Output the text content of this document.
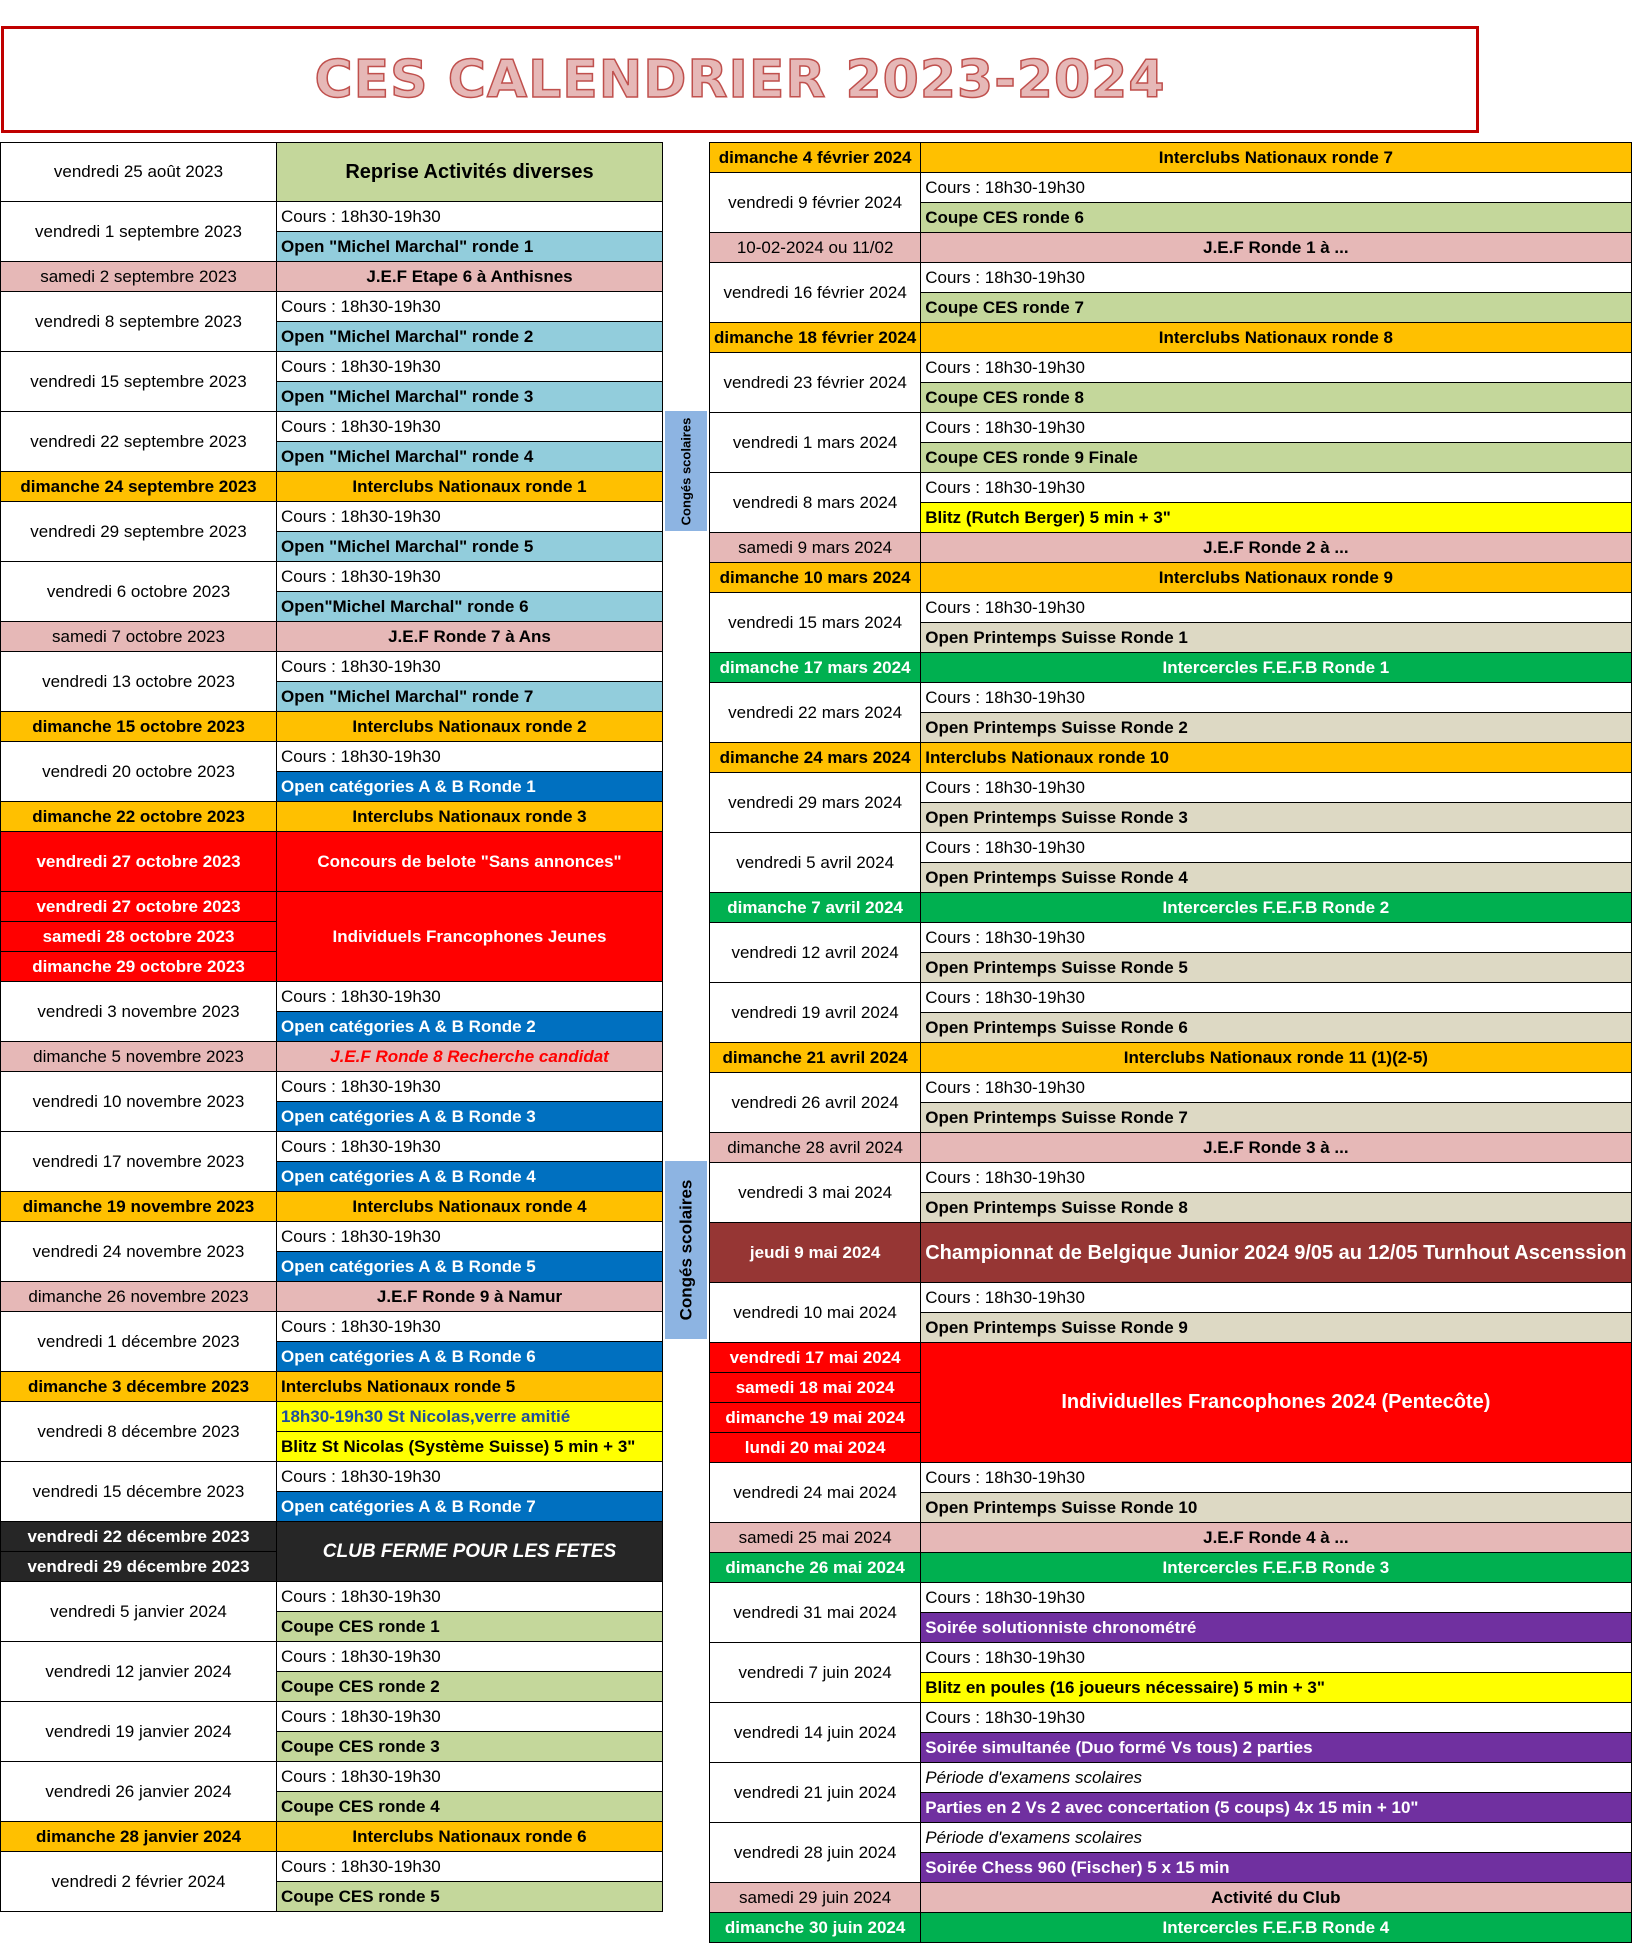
CES CALENDRIER 2023-2024
vendredi 25 août 2023	Reprise Activités diverses
vendredi 1 septembre 2023	Cours : 18h30-19h30
	Open "Michel Marchal" ronde 1
samedi 2 septembre 2023	J.E.F Etape 6 à Anthisnes
vendredi 8 septembre 2023	Cours : 18h30-19h30
	Open "Michel Marchal" ronde 2
vendredi 15 septembre 2023	Cours : 18h30-19h30
	Open "Michel Marchal" ronde 3
vendredi 22 septembre 2023	Cours : 18h30-19h30
	Open "Michel Marchal" ronde 4
dimanche 24 septembre 2023	Interclubs Nationaux ronde 1
vendredi 29 septembre 2023	Cours : 18h30-19h30
	Open "Michel Marchal" ronde 5
vendredi 6 octobre 2023	Cours : 18h30-19h30
	Open"Michel Marchal" ronde 6
samedi 7 octobre 2023	J.E.F Ronde 7 à Ans
vendredi 13 octobre 2023	Cours : 18h30-19h30
	Open "Michel Marchal" ronde 7
dimanche 15 octobre 2023	Interclubs Nationaux ronde 2
vendredi 20 octobre 2023	Cours : 18h30-19h30
	Open catégories A & B Ronde 1
dimanche 22 octobre 2023	Interclubs Nationaux ronde 3
vendredi 27 octobre 2023	Concours de belote "Sans annonces"
vendredi 27 octobre 2023	Individuels Francophones Jeunes
samedi 28 octobre 2023	
dimanche 29 octobre 2023	
vendredi 3 novembre 2023	Cours : 18h30-19h30
	Open catégories A & B Ronde 2
dimanche 5 novembre 2023	J.E.F Ronde 8 Recherche candidat
vendredi 10 novembre 2023	Cours : 18h30-19h30
	Open catégories A & B Ronde 3
vendredi 17 novembre 2023	Cours : 18h30-19h30
	Open catégories A & B Ronde 4
dimanche 19 novembre 2023	Interclubs Nationaux ronde 4
vendredi 24 novembre 2023	Cours : 18h30-19h30
	Open catégories A & B Ronde 5
dimanche 26 novembre 2023	J.E.F Ronde 9 à Namur
vendredi 1 décembre 2023	Cours : 18h30-19h30
	Open catégories A & B Ronde 6
dimanche 3 décembre 2023	Interclubs Nationaux ronde 5
vendredi 8 décembre 2023	18h30-19h30 St Nicolas,verre amitié
	Blitz St Nicolas (Système Suisse) 5 min + 3"
vendredi 15 décembre 2023	Cours : 18h30-19h30
	Open catégories A & B Ronde 7
vendredi 22 décembre 2023	CLUB FERME POUR LES FETES
vendredi 29 décembre 2023	
vendredi 5 janvier 2024	Cours : 18h30-19h30
	Coupe CES ronde 1
vendredi 12 janvier 2024	Cours : 18h30-19h30
	Coupe CES ronde 2
vendredi 19 janvier 2024	Cours : 18h30-19h30
	Coupe CES ronde 3
vendredi 26 janvier 2024	Cours : 18h30-19h30
	Coupe CES ronde 4
dimanche 28 janvier 2024	Interclubs Nationaux ronde 6
vendredi 2 février 2024	Cours : 18h30-19h30
	Coupe CES ronde 5
Congés scolaires
Congés scolaires
dimanche 4 février 2024	Interclubs Nationaux ronde 7
vendredi 9 février 2024	Cours : 18h30-19h30
	Coupe CES ronde 6
10-02-2024 ou 11/02	J.E.F Ronde 1 à ...
vendredi 16 février 2024	Cours : 18h30-19h30
	Coupe CES ronde 7
dimanche 18 février 2024	Interclubs Nationaux ronde 8
vendredi 23 février 2024	Cours : 18h30-19h30
	Coupe CES ronde 8
vendredi 1 mars 2024	Cours : 18h30-19h30
	Coupe CES ronde 9 Finale
vendredi 8 mars 2024	Cours : 18h30-19h30
	Blitz (Rutch Berger) 5 min + 3"
samedi 9 mars 2024	J.E.F Ronde 2 à ...
dimanche 10 mars 2024	Interclubs Nationaux ronde 9
vendredi 15 mars 2024	Cours : 18h30-19h30
	Open Printemps Suisse Ronde 1
dimanche 17 mars 2024	Intercercles F.E.F.B Ronde 1
vendredi 22 mars 2024	Cours : 18h30-19h30
	Open Printemps Suisse Ronde 2
dimanche 24 mars 2024	Interclubs Nationaux ronde 10
vendredi 29 mars 2024	Cours : 18h30-19h30
	Open Printemps Suisse Ronde 3
vendredi 5 avril 2024	Cours : 18h30-19h30
	Open Printemps Suisse Ronde 4
dimanche 7 avril 2024	Intercercles F.E.F.B Ronde 2
vendredi 12 avril 2024	Cours : 18h30-19h30
	Open Printemps Suisse Ronde 5
vendredi 19 avril 2024	Cours : 18h30-19h30
	Open Printemps Suisse Ronde 6
dimanche 21 avril 2024	Interclubs Nationaux ronde 11 (1)(2-5)
vendredi 26 avril 2024	Cours : 18h30-19h30
	Open Printemps Suisse Ronde 7
dimanche 28 avril 2024	J.E.F Ronde 3 à ...
vendredi 3 mai 2024	Cours : 18h30-19h30
	Open Printemps Suisse Ronde 8
jeudi 9 mai 2024	Championnat de Belgique Junior 2024 9/05 au 12/05 Turnhout Ascenssion
vendredi 10 mai 2024	Cours : 18h30-19h30
	Open Printemps Suisse Ronde 9
vendredi 17 mai 2024	Individuelles Francophones 2024 (Pentecôte)
samedi 18 mai 2024	
dimanche 19 mai 2024	
lundi 20 mai 2024	
vendredi 24 mai 2024	Cours : 18h30-19h30
	Open Printemps Suisse Ronde 10
samedi 25 mai 2024	J.E.F Ronde 4 à ...
dimanche 26 mai 2024	Intercercles F.E.F.B Ronde 3
vendredi 31 mai 2024	Cours : 18h30-19h30
	Soirée solutionniste chronométré
vendredi 7 juin 2024	Cours : 18h30-19h30
	Blitz en poules (16 joueurs nécessaire) 5 min + 3"
vendredi 14 juin 2024	Cours : 18h30-19h30
	Soirée simultanée (Duo formé Vs tous) 2 parties
vendredi 21 juin 2024	Période d'examens scolaires
	Parties en 2 Vs 2 avec concertation (5 coups) 4x 15 min + 10"
vendredi 28 juin 2024	Période d'examens scolaires
	Soirée Chess 960 (Fischer) 5 x 15 min
samedi 29 juin 2024	Activité du Club
dimanche 30 juin 2024	Intercercles F.E.F.B Ronde 4
